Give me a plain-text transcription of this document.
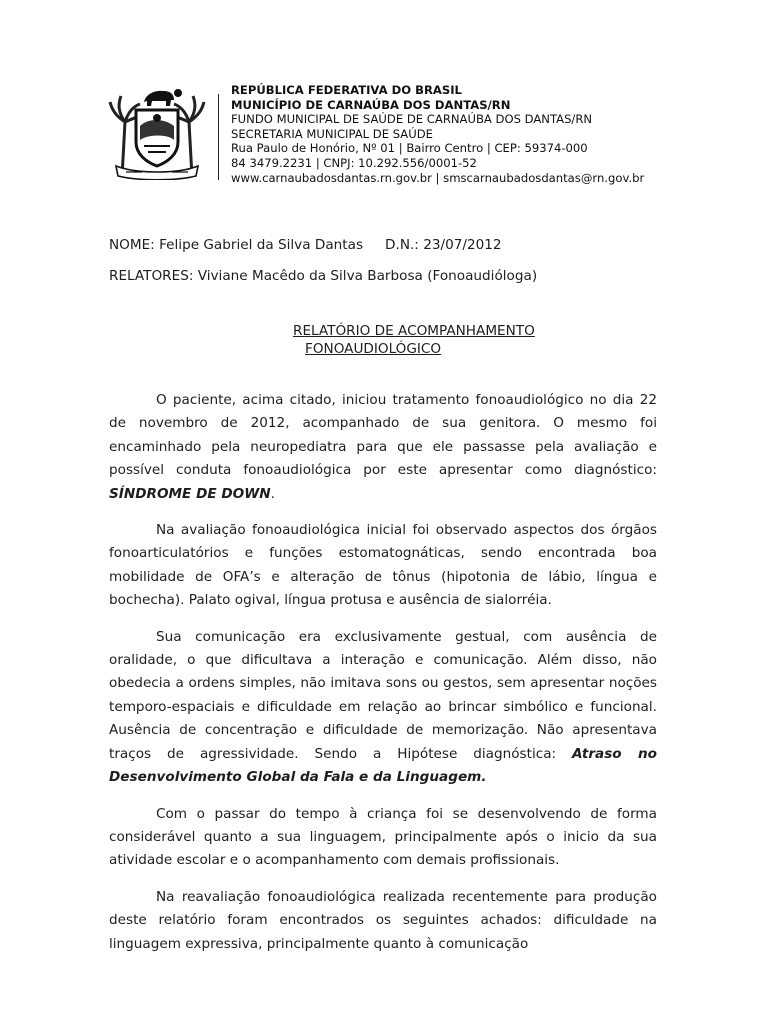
REPÚBLICA FEDERATIVA DO BRASIL
MUNICÍPIO DE CARNAÚBA DOS DANTAS/RN
FUNDO MUNICIPAL DE SAÚDE DE CARNAÚBA DOS DANTAS/RN
SECRETARIA MUNICIPAL DE SAÚDE
Rua Paulo de Honório, Nº 01 | Bairro Centro | CEP: 59374-000
84 3479.2231 | CNPJ: 10.292.556/0001-52
www.carnaubadosdantas.rn.gov.br | smscarnaubadosdantas@rn.gov.br

NOME: Felipe Gabriel da Silva Dantas D.N.: 23/07/2012

RELATORES: Viviane Macêdo da Silva Barbosa (Fonoaudióloga)

RELATÓRIO DE ACOMPANHAMENTO
FONOAUDIOLÓGICO

O paciente, acima citado, iniciou tratamento fonoaudiológico no dia 22 de novembro de 2012, acompanhado de sua genitora. O mesmo foi encaminhado pela neuropediatra para que ele passasse pela avaliação e possível conduta fonoaudiológica por este apresentar como diagnóstico: SÍNDROME DE DOWN.

Na avaliação fonoaudiológica inicial foi observado aspectos dos órgãos fonoarticulatórios e funções estomatognáticas, sendo encontrada boa mobilidade de OFA’s e alteração de tônus (hipotonia de lábio, língua e bochecha). Palato ogival, língua protusa e ausência de sialorréia.

Sua comunicação era exclusivamente gestual, com ausência de oralidade, o que dificultava a interação e comunicação. Além disso, não obedecia a ordens simples, não imitava sons ou gestos, sem apresentar noções temporo-espaciais e dificuldade em relação ao brincar simbólico e funcional. Ausência de concentração e dificuldade de memorização. Não apresentava traços de agressividade. Sendo a Hipótese diagnóstica: Atraso no Desenvolvimento Global da Fala e da Linguagem.

Com o passar do tempo à criança foi se desenvolvendo de forma considerável quanto a sua linguagem, principalmente após o inicio da sua atividade escolar e o acompanhamento com demais profissionais.

Na reavaliação fonoaudiológica realizada recentemente para produção deste relatório foram encontrados os seguintes achados: dificuldade na linguagem expressiva, principalmente quanto à comunicação
